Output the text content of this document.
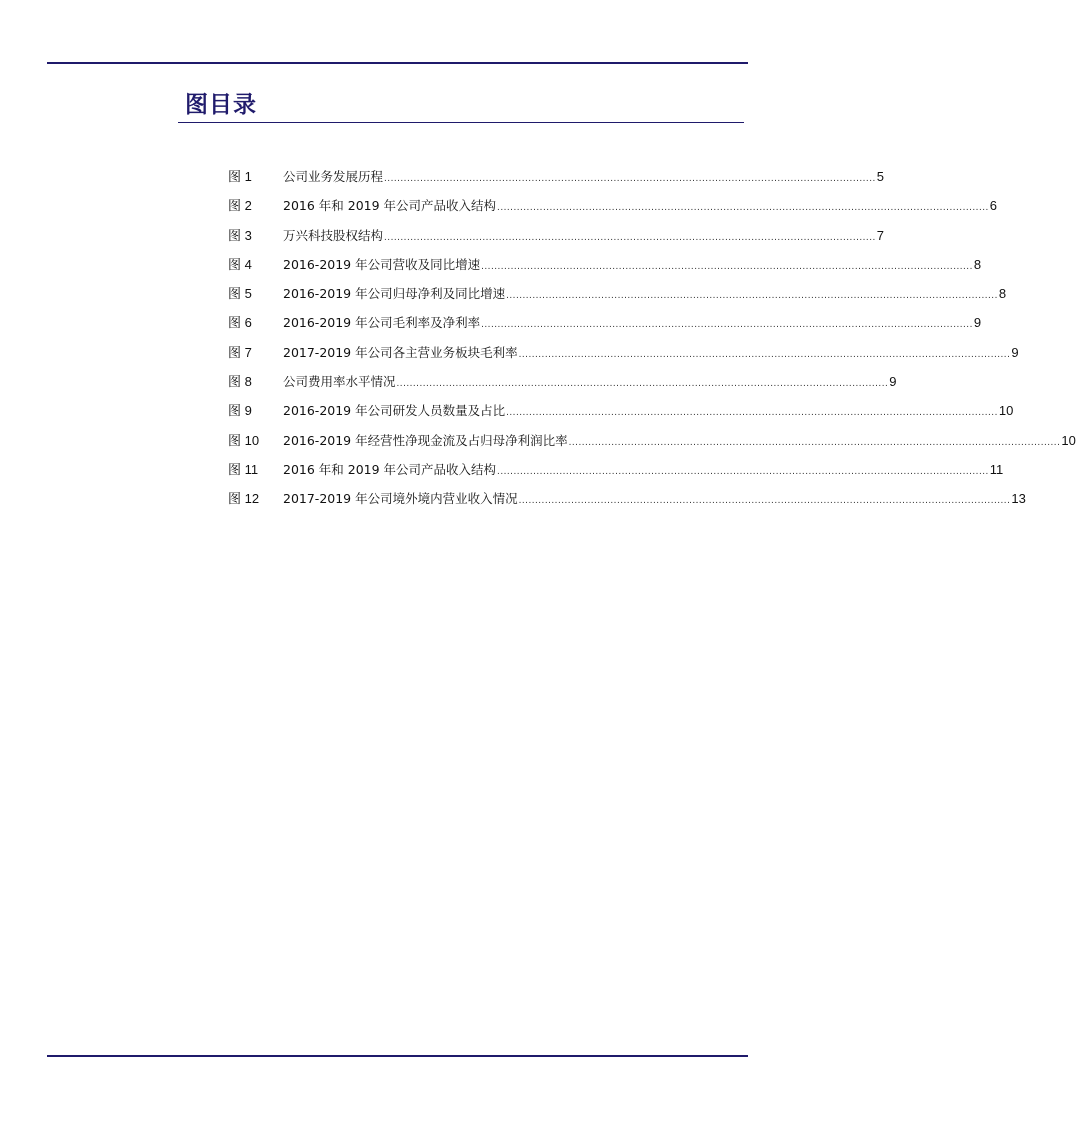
图目录
图 1	公司业务发展历程 ...................................................................................................................................................... 5
图 2	2016 年和 2019 年公司产品收入结构 ...................................................................................................................................................... 6
图 3	万兴科技股权结构 ...................................................................................................................................................... 7
图 4	2016-2019 年公司营收及同比增速 ...................................................................................................................................................... 8
图 5	2016-2019 年公司归母净利及同比增速 ...................................................................................................................................................... 8
图 6	2016-2019 年公司毛利率及净利率 ...................................................................................................................................................... 9
图 7	2017-2019 年公司各主营业务板块毛利率 ...................................................................................................................................................... 9
图 8	公司费用率水平情况 ...................................................................................................................................................... 9
图 9	2016-2019 年公司研发人员数量及占比 ...................................................................................................................................................... 10
图 10	2016-2019 年经营性净现金流及占归母净利润比率 ...................................................................................................................................................... 10
图 11	2016 年和 2019 年公司产品收入结构 ...................................................................................................................................................... 11
图 12	2017-2019 年公司境外境内营业收入情况 ...................................................................................................................................................... 13
